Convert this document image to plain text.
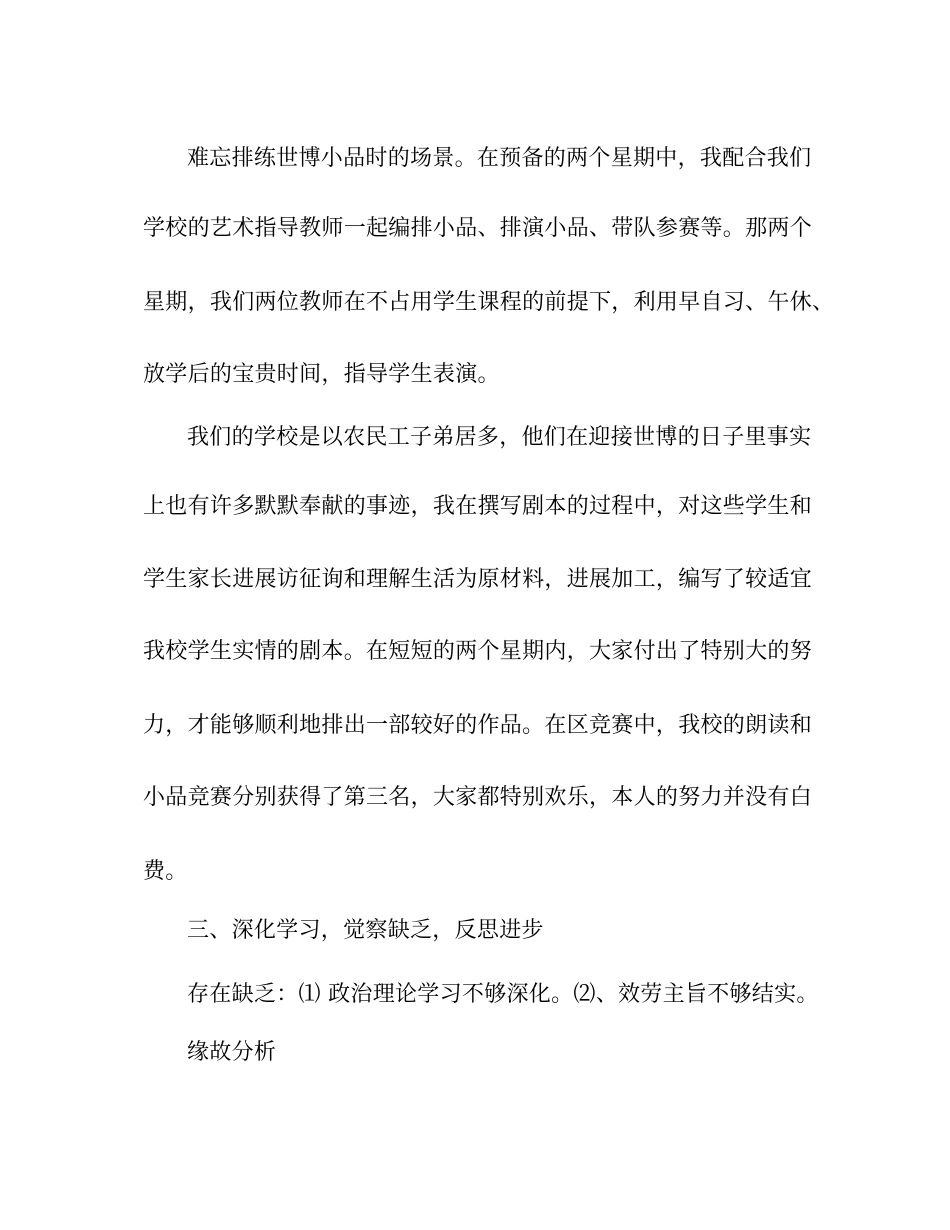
难忘排练世博小品时的场景。在预备的两个星期中，我配合我们
学校的艺术指导教师一起编排小品、排演小品、带队参赛等。那两个
星期，我们两位教师在不占用学生课程的前提下，利用早自习、午休、
放学后的宝贵时间，指导学生表演。
我们的学校是以农民工子弟居多，他们在迎接世博的日子里事实
上也有许多默默奉献的事迹，我在撰写剧本的过程中，对这些学生和
学生家长进展访征询和理解生活为原材料，进展加工，编写了较适宜
我校学生实情的剧本。在短短的两个星期内，大家付出了特别大的努
力，才能够顺利地排出一部较好的作品。在区竞赛中，我校的朗读和
小品竞赛分别获得了第三名，大家都特别欢乐，本人的努力并没有白
费。
三、深化学习，觉察缺乏，反思进步
存在缺乏：⑴ 政治理论学习不够深化。⑵、效劳主旨不够结实。
缘故分析
